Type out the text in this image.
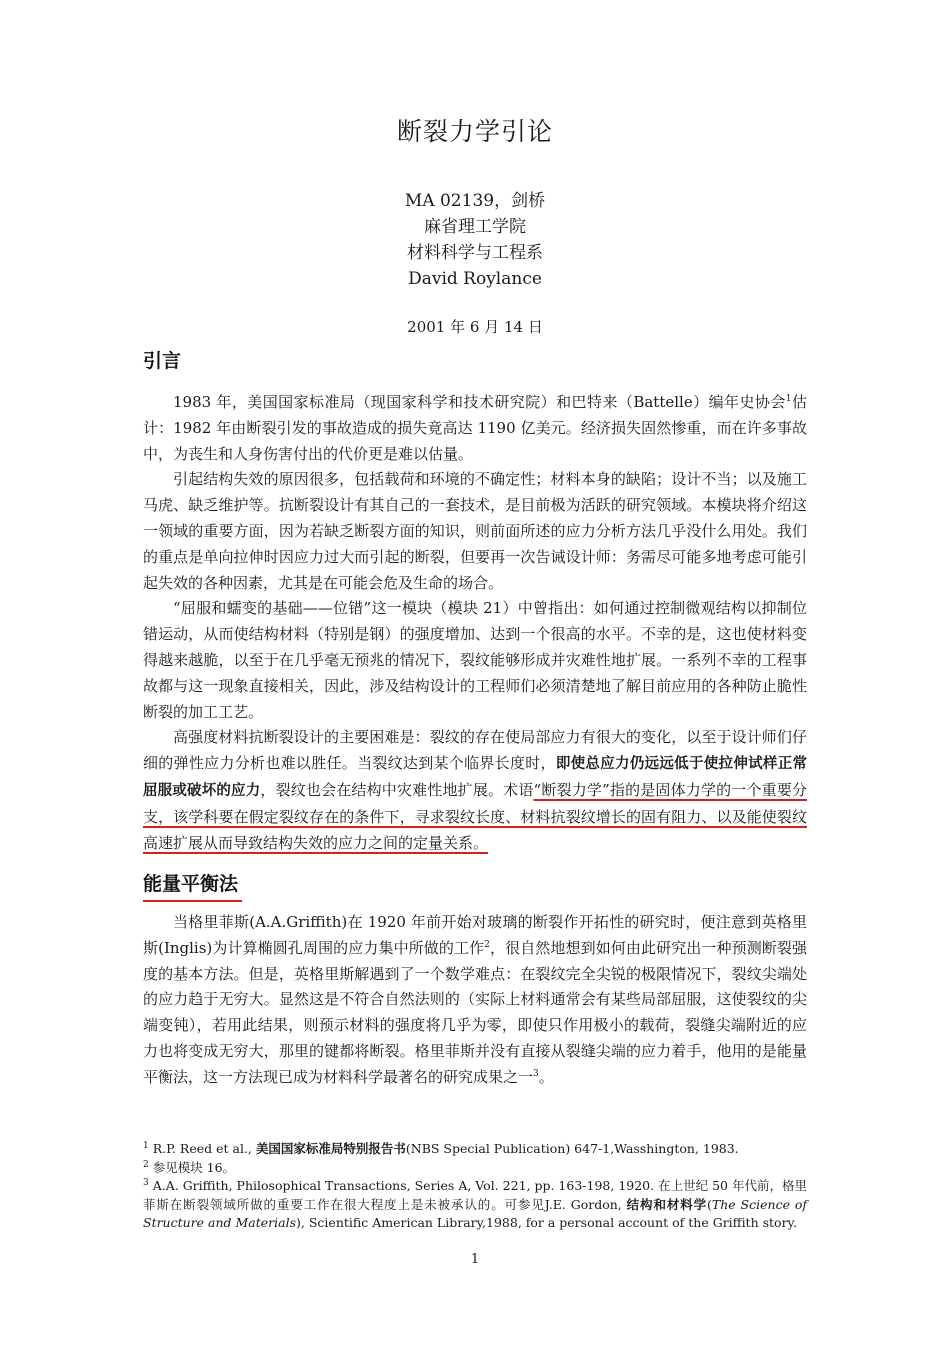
断裂力学引论
MA 02139，剑桥
麻省理工学院
材料科学与工程系
David Roylance
2001 年 6 月 14 日
引言

1983 年，美国国家标准局（现国家科学和技术研究院）和巴特来（Battelle）编年史协会$^1$估计：1982 年由断裂引发的事故造成的损失竟高达 1190 亿美元。经济损失固然惨重，而在许多事故中，为丧生和人身伤害付出的代价更是难以估量。

引起结构失效的原因很多，包括载荷和环境的不确定性；材料本身的缺陷；设计不当；以及施工马虎、缺乏维护等。抗断裂设计有其自己的一套技术，是目前极为活跃的研究领域。本模块将介绍这一领域的重要方面，因为若缺乏断裂方面的知识，则前面所述的应力分析方法几乎没什么用处。我们的重点是单向拉伸时因应力过大而引起的断裂，但要再一次告诫设计师：务需尽可能多地考虑可能引起失效的各种因素，尤其是在可能会危及生命的场合。

“屈服和蠕变的基础——位错”这一模块（模块 21）中曾指出：如何通过控制微观结构以抑制位错运动，从而使结构材料（特别是钢）的强度增加、达到一个很高的水平。不幸的是，这也使材料变得越来越脆，以至于在几乎毫无预兆的情况下，裂纹能够形成并灾难性地扩展。一系列不幸的工程事故都与这一现象直接相关，因此，涉及结构设计的工程师们必须清楚地了解目前应用的各种防止脆性断裂的加工工艺。

高强度材料抗断裂设计的主要困难是：裂纹的存在使局部应力有很大的变化，以至于设计师们仔细的弹性应力分析也难以胜任。当裂纹达到某个临界长度时，即使总应力仍远远低于使拉伸试样正常屈服或破坏的应力，裂纹也会在结构中灾难性地扩展。术语“断裂力学”指的是固体力学的一个重要分支，该学科要在假定裂纹存在的条件下，寻求裂纹长度、材料抗裂纹增长的固有阻力、以及能使裂纹高速扩展从而导致结构失效的应力之间的定量关系。

能量平衡法

当格里菲斯(A.A.Griffith)在 1920 年前开始对玻璃的断裂作开拓性的研究时，便注意到英格里斯(Inglis)为计算椭圆孔周围的应力集中所做的工作$^2$，很自然地想到如何由此研究出一种预测断裂强度的基本方法。但是，英格里斯解遇到了一个数学难点：在裂纹完全尖锐的极限情况下，裂纹尖端处的应力趋于无穷大。显然这是不符合自然法则的（实际上材料通常会有某些局部屈服，这使裂纹的尖端变钝），若用此结果，则预示材料的强度将几乎为零，即使只作用极小的载荷，裂缝尖端附近的应力也将变成无穷大，那里的键都将断裂。格里菲斯并没有直接从裂缝尖端的应力着手，他用的是能量平衡法，这一方法现已成为材料科学最著名的研究成果之一$^3$。

$^1$ R.P. Reed et al., 美国国家标准局特别报告书(NBS Special Publication) 647-1,Wasshington, 1983.

$^2$ 参见模块 16。

$^3$ A.A. Griffith, Philosophical Transactions, Series A, Vol. 221, pp. 163-198, 1920. 在上世纪 50 年代前，格里菲斯在断裂领域所做的重要工作在很大程度上是未被承认的。可参见J.E. Gordon, 结构和材料学(The Science of Structure and Materials), Scientific American Library,1988, for a personal account of the Griffith story.

1
